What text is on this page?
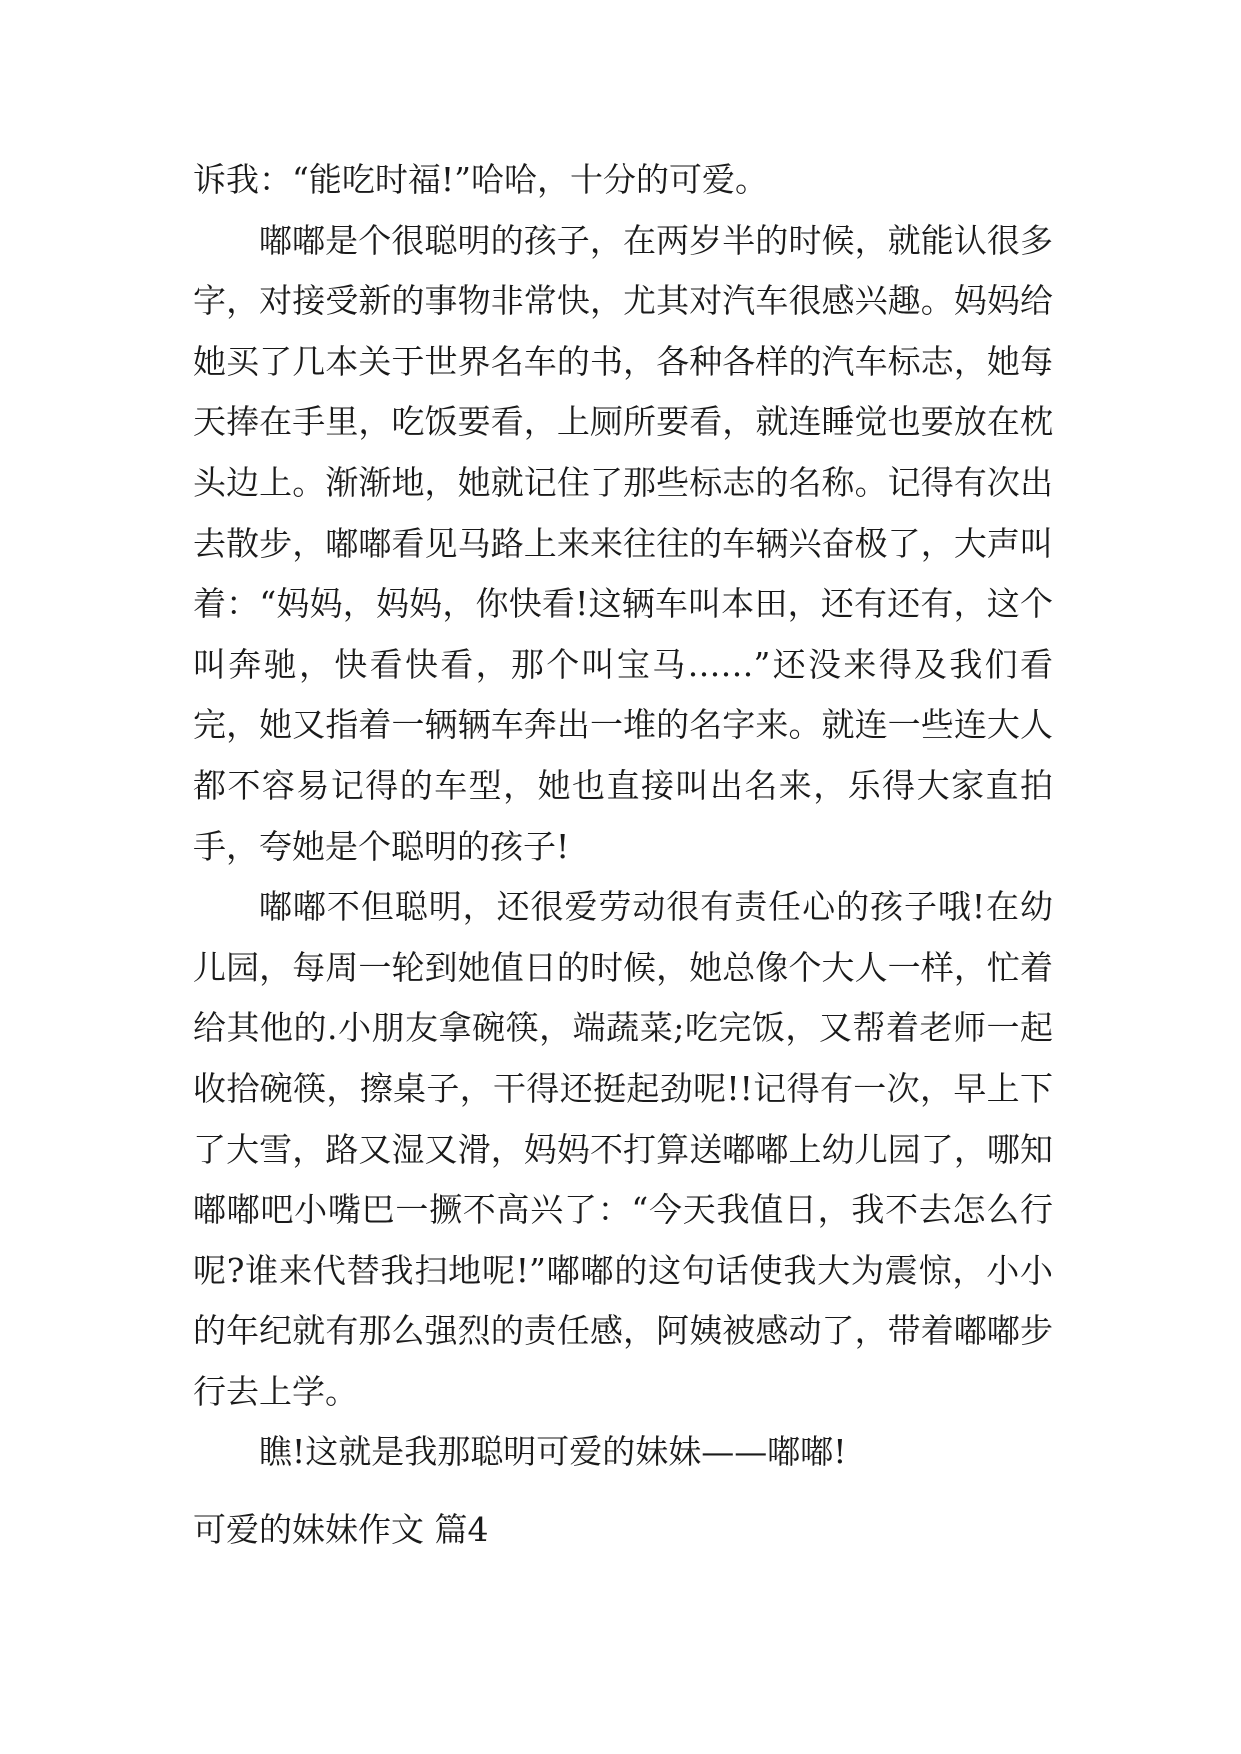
诉我：“能吃时福!”哈哈，十分的可爱。

嘟嘟是个很聪明的孩子，在两岁半的时候，就能认很多字，对接受新的事物非常快，尤其对汽车很感兴趣。妈妈给她买了几本关于世界名车的书，各种各样的汽车标志，她每天捧在手里，吃饭要看，上厕所要看，就连睡觉也要放在枕头边上。渐渐地，她就记住了那些标志的名称。记得有次出去散步，嘟嘟看见马路上来来往往的车辆兴奋极了，大声叫着：“妈妈，妈妈，你快看!这辆车叫本田，还有还有，这个叫奔驰，快看快看，那个叫宝马……”还没来得及我们看完，她又指着一辆辆车奔出一堆的名字来。就连一些连大人都不容易记得的车型，她也直接叫出名来，乐得大家直拍手，夸她是个聪明的孩子!

嘟嘟不但聪明，还很爱劳动很有责任心的孩子哦!在幼儿园，每周一轮到她值日的时候，她总像个大人一样，忙着给其他的.小朋友拿碗筷，端蔬菜;吃完饭，又帮着老师一起收拾碗筷，擦桌子，干得还挺起劲呢!!记得有一次，早上下了大雪，路又湿又滑，妈妈不打算送嘟嘟上幼儿园了，哪知嘟嘟吧小嘴巴一撅不高兴了：“今天我值日，我不去怎么行呢?谁来代替我扫地呢!”嘟嘟的这句话使我大为震惊，小小的年纪就有那么强烈的责任感，阿姨被感动了，带着嘟嘟步行去上学。

瞧!这就是我那聪明可爱的妹妹——嘟嘟!

可爱的妹妹作文 篇4
